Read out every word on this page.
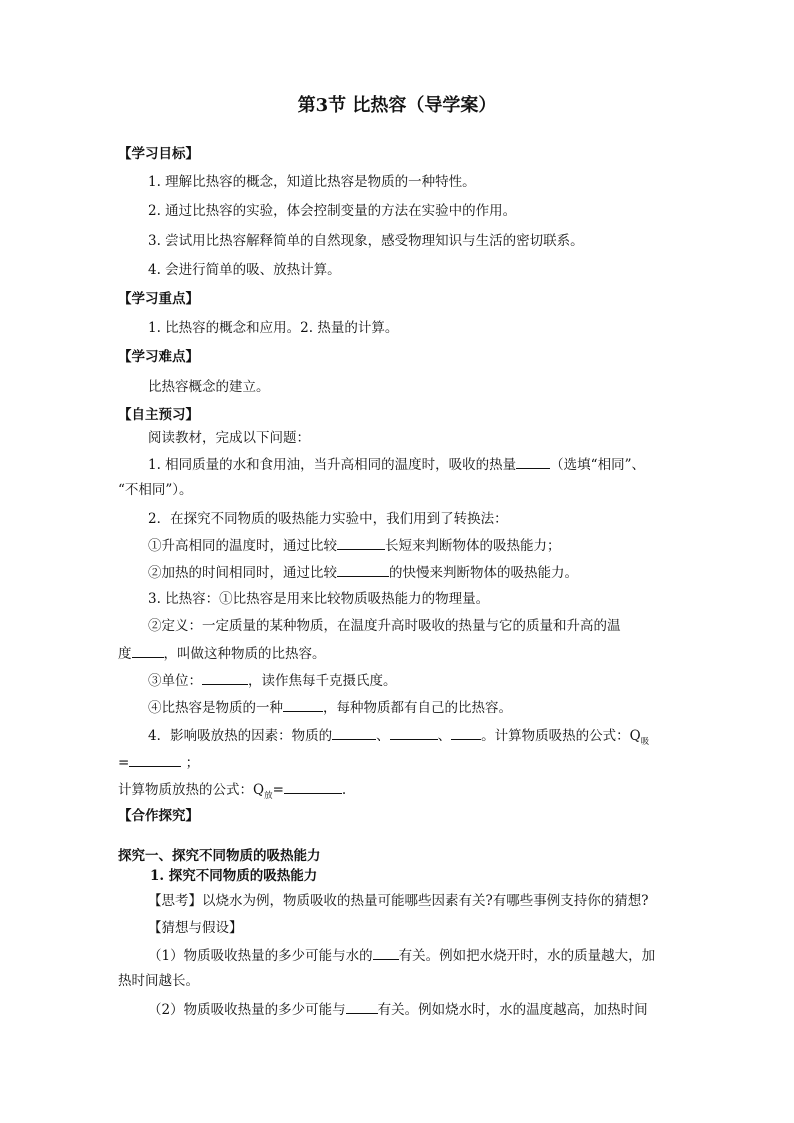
第3节 比热容（导学案）
【学习目标】
1. 理解比热容的概念，知道比热容是物质的一种特性。
2. 通过比热容的实验，体会控制变量的方法在实验中的作用。
3. 尝试用比热容解释简单的自然现象，感受物理知识与生活的密切联系。
4. 会进行简单的吸、放热计算。
【学习重点】
1. 比热容的概念和应用。2. 热量的计算。
【学习难点】
比热容概念的建立。
【自主预习】
阅读教材，完成以下问题：
1. 相同质量的水和食用油，当升高相同的温度时，吸收的热量	（选填“相同”、
“不相同”）。
2．在探究不同物质的吸热能力实验中，我们用到了转换法：
①升高相同的温度时，通过比较	长短来判断物体的吸热能力；
②加热的时间相同时，通过比较	的快慢来判断物体的吸热能力。
3. 比热容：①比热容是用来比较物质吸热能力的物理量。
②定义：一定质量的某种物质，在温度升高时吸收的热量与它的质量和升高的温
度 ，叫做这种物质的比热容。
③单位：	，读作焦每千克摄氏度。
④比热容是物质的一种	，每种物质都有自己的比热容。
4．影响吸放热的因素：物质的	、	、 。计算物质吸热的公式：$Q_吸$
=	；
计算物质放热的公式：$Q_放=$	.
【合作探究】
探究一、探究不同物质的吸热能力
1. 探究不同物质的吸热能力
【思考】以烧水为例，物质吸收的热量可能哪些因素有关?有哪些事例支持你的猜想?
【猜想与假设】
（1）物质吸收热量的多少可能与水的 有关。例如把水烧开时，水的质量越大，加
热时间越长。
（2）物质吸收热量的多少可能与 有关。例如烧水时，水的温度越高，加热时间
